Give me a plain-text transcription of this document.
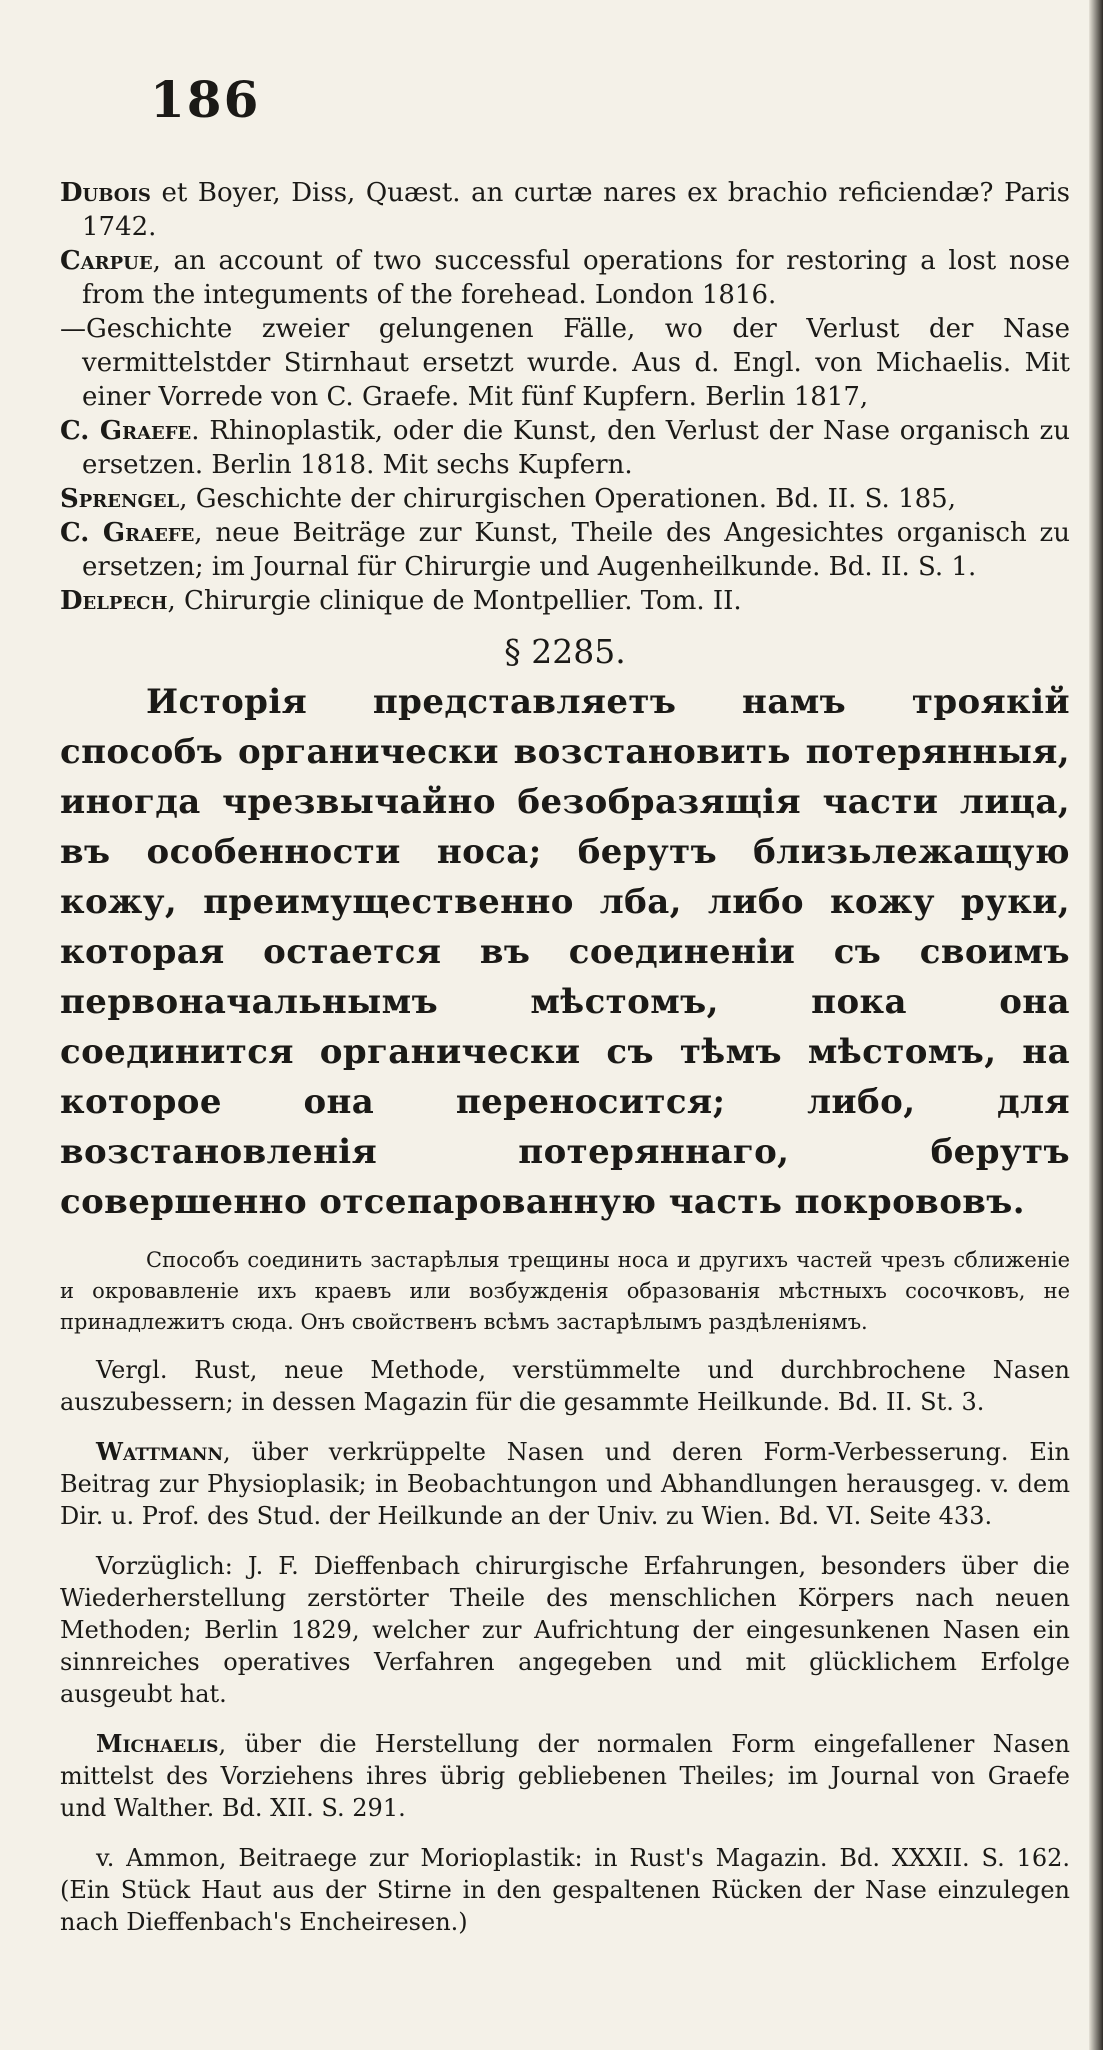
186

Dubois et Boyer, Diss, Quæst. an curtæ nares ex brachio reficiendæ? Paris 1742.

Carpue, an account of two successful operations for restoring a lost nose from the integuments of the forehead. London 1816.

—Geschichte zweier gelungenen Fälle, wo der Verlust der Nase vermittelstder Stirnhaut ersetzt wurde. Aus d. Engl. von Michaelis. Mit einer Vorrede von C. Graefe. Mit fünf Kupfern. Berlin 1817,

C. Graefe. Rhinoplastik, oder die Kunst, den Verlust der Nase organisch zu ersetzen. Berlin 1818. Mit sechs Kupfern.

Sprengel, Geschichte der chirurgischen Operationen. Bd. II. S. 185,

C. Graefe, neue Beiträge zur Kunst, Theile des Angesichtes organisch zu ersetzen; im Journal für Chirurgie und Augenheilkunde. Bd. II. S. 1.

Delpech, Chirurgie clinique de Montpellier. Tom. II.

§ 2285.

Исторія представляетъ намъ трoякій способъ органически возстановить потерянныя, иногда чрезвычайно безобразящія части лица, въ особенности носа; берутъ близьлежащую кожу, преимущественно лба, либо кожу руки, которая остается въ соединеніи съ своимъ первоначальнымъ мѣстомъ, пока она соединится органически съ тѣмъ мѣстомъ, на которое она переносится; либо, для возстановленія потеряннаго, берутъ совершенно отсепарованную часть покрововъ.

Способъ соединить застарѣлыя трещины носа и другихъ частей чрезъ сближеніе и окровавленіе ихъ краевъ или возбужденія образованія мѣстныхъ сосочковъ, не принадлежитъ сюда. Онъ свойственъ всѣмъ застарѣлымъ раздѣленіямъ.

Vergl. Rust, neue Methode, verstümmelte und durchbrochene Nasen auszubessern; in dessen Magazin für die gesammte Heilkunde. Bd. II. St. 3.

Wattmann, über verkrüppelte Nasen und deren Form-Verbesserung. Ein Beitrag zur Physioplasik; in Beobachtungon und Abhandlungen herausgeg. v. dem Dir. u. Prof. des Stud. der Heilkunde an der Univ. zu Wien. Bd. VI. Seite 433.

Vorzüglich: J. F. Dieffenbach chirurgische Erfahrungen, besonders über die Wiederherstellung zerstörter Theile des menschlichen Körpers nach neuen Methoden; Berlin 1829, welcher zur Aufrichtung der eingesunkenen Nasen ein sinnreiches operatives Verfahren angegeben und mit glücklichem Erfolge ausgeubt hat.

Michaelis, über die Herstellung der normalen Form eingefallener Nasen mittelst des Vorziehens ihres übrig gebliebenen Theiles; im Journal von Graefe und Walther. Bd. XII. S. 291.

v. Ammon, Beitraege zur Morioplastik: in Rust's Magazin. Bd. XXXII. S. 162. (Ein Stück Haut aus der Stirne in den gespaltenen Rücken der Nase einzulegen nach Dieffenbach's Encheiresen.)
